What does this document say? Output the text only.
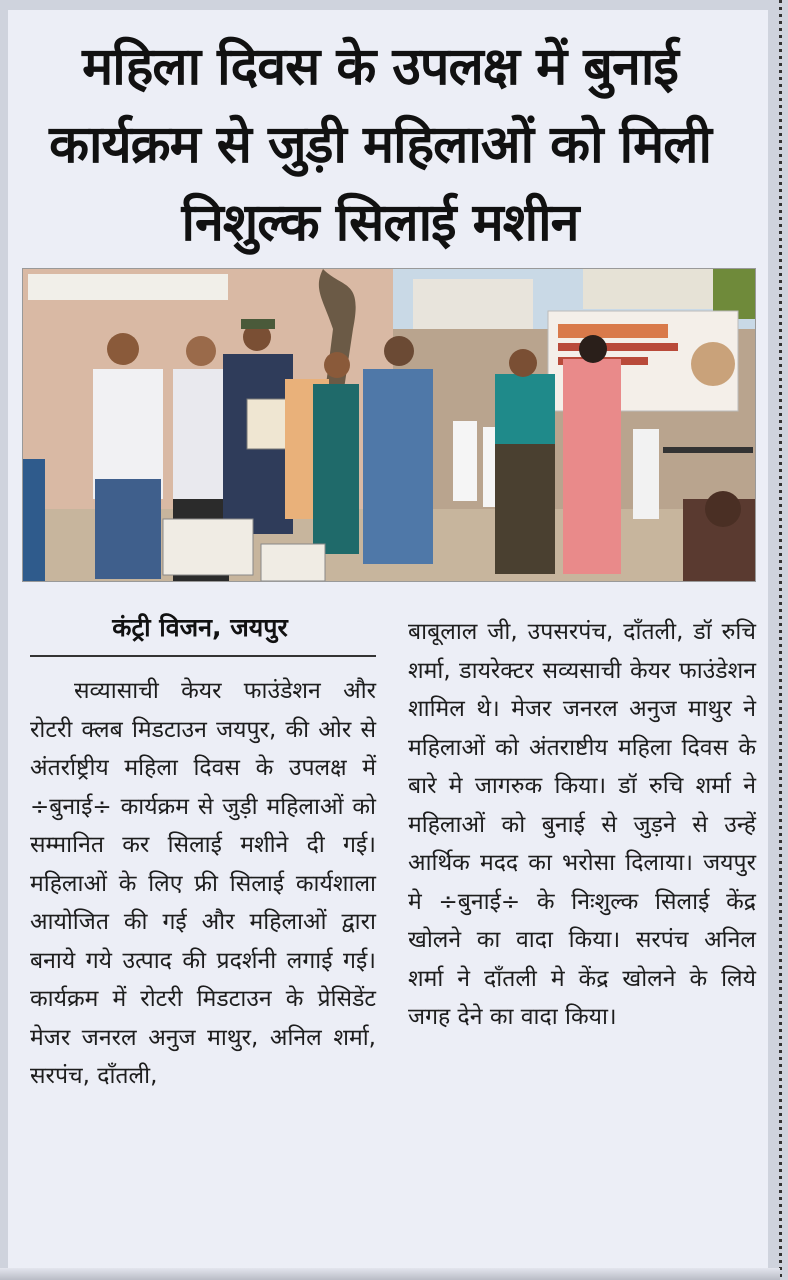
महिला दिवस के उपलक्ष में बुनाई कार्यक्रम से जुड़ी महिलाओं को मिली निशुल्क सिलाई मशीन
कंट्री विजन, जयपुर
सव्यासाची केयर फाउंडेशन और रोटरी क्लब मिडटाउन जयपुर, की ओर से अंतर्राष्ट्रीय महिला दिवस के उपलक्ष में ÷बुनाई÷ कार्यक्रम से जुड़ी महिलाओं को सम्मानित कर सिलाई मशीने दी गई। महिलाओं के लिए फ्री सिलाई कार्यशाला आयोजित की गई और महिलाओं द्वारा बनाये गये उत्पाद की प्रदर्शनी लगाई गई। कार्यक्रम में रोटरी मिडटाउन के प्रेसिडेंट मेजर जनरल अनुज माथुर, अनिल शर्मा, सरपंच, दाँतली,
बाबूलाल जी, उपसरपंच, दाँतली, डॉ रुचि शर्मा, डायरेक्टर सव्यसाची केयर फाउंडेशन शामिल थे। मेजर जनरल अनुज माथुर ने महिलाओं को अंतराष्टीय महिला दिवस के बारे मे जागरुक किया। डॉ रुचि शर्मा ने महिलाओं को बुनाई से जुड़ने से उन्हें आर्थिक मदद का भरोसा दिलाया। जयपुर मे ÷बुनाई÷ के निःशुल्क सिलाई केंद्र खोलने का वादा किया। सरपंच अनिल शर्मा ने दाँतली मे केंद्र खोलने के लिये जगह देने का वादा किया।
